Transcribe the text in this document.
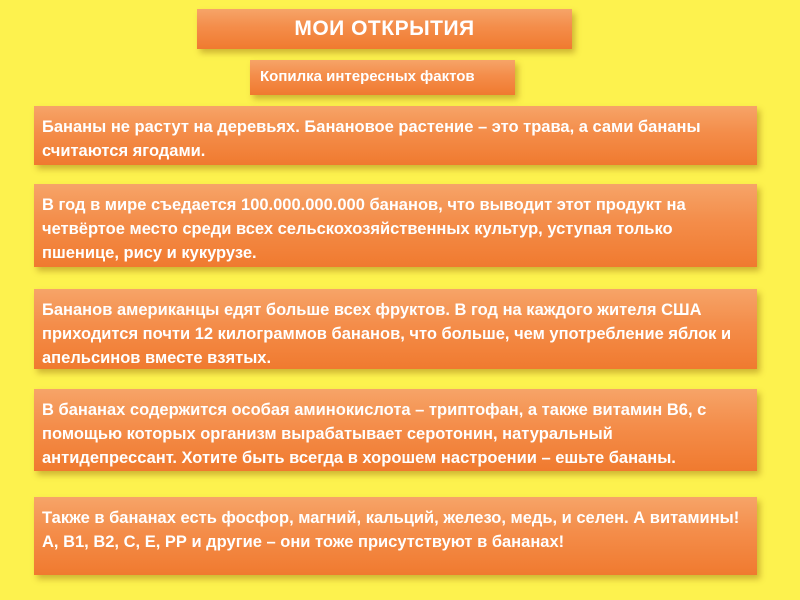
МОИ ОТКРЫТИЯ
Копилка интересных фактов
Бананы не растут на деревьях. Банановое растение – это трава, а сами бананы считаются ягодами.
В год в мире съедается 100.000.000.000 бананов, что выводит этот продукт на четвёртое место среди всех сельскохозяйственных культур, уступая только пшенице, рису и кукурузе.
Бананов американцы едят больше всех фруктов. В год на каждого жителя США приходится почти 12 килограммов бананов, что больше, чем употребление яблок и апельсинов вместе взятых.
В бананах содержится особая аминокислота – триптофан, а также витамин В6, с помощью которых организм вырабатывает серотонин, натуральный антидепрессант. Хотите быть всегда в хорошем настроении – ешьте бананы.
Также в бананах есть фосфор, магний, кальций, железо, медь, и селен. А витамины! А, В1, В2, С, Е, РР и другие – они тоже присутствуют в бананах!
